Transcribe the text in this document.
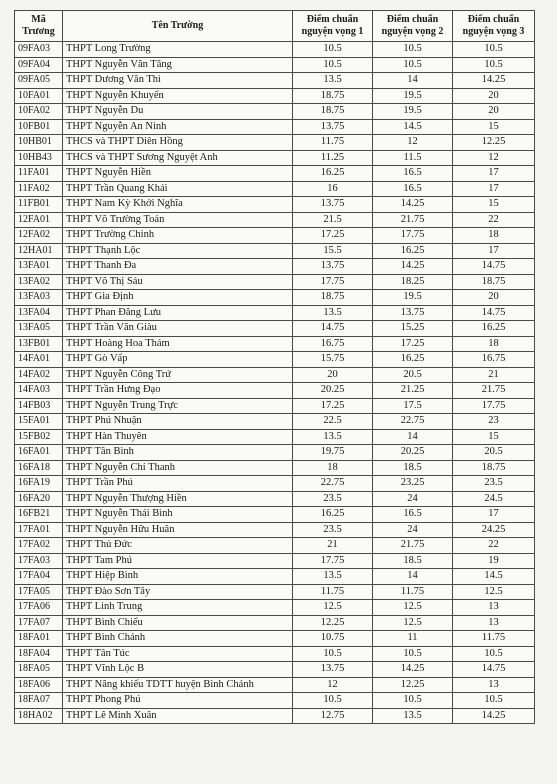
Mã Trương	Tên Trường	Điểm chuẩn nguyện vọng 1	Điểm chuẩn nguyện vọng 2	Điểm chuẩn nguyện vọng 3
09FA03	THPT Long Trường	10.5	10.5	10.5
09FA04	THPT Nguyễn Văn Tăng	10.5	10.5	10.5
09FA05	THPT Dương Văn Thì	13.5	14	14.25
10FA01	THPT Nguyễn Khuyến	18.75	19.5	20
10FA02	THPT Nguyễn Du	18.75	19.5	20
10FB01	THPT Nguyễn An Ninh	13.75	14.5	15
10HB01	THCS và THPT Diên Hồng	11.75	12	12.25
10HB43	THCS và THPT Sương Nguyệt Anh	11.25	11.5	12
11FA01	THPT Nguyễn Hiền	16.25	16.5	17
11FA02	THPT Trần Quang Khải	16	16.5	17
11FB01	THPT Nam Kỳ Khởi Nghĩa	13.75	14.25	15
12FA01	THPT Võ Trường Toản	21.5	21.75	22
12FA02	THPT Trường Chinh	17.25	17.75	18
12HA01	THPT Thạnh Lộc	15.5	16.25	17
13FA01	THPT Thanh Đa	13.75	14.25	14.75
13FA02	THPT Võ Thị Sáu	17.75	18.25	18.75
13FA03	THPT Gia Định	18.75	19.5	20
13FA04	THPT Phan Đăng Lưu	13.5	13.75	14.75
13FA05	THPT Trần Văn Giàu	14.75	15.25	16.25
13FB01	THPT Hoàng Hoa Thám	16.75	17.25	18
14FA01	THPT Gò Vấp	15.75	16.25	16.75
14FA02	THPT Nguyễn Công Trứ	20	20.5	21
14FA03	THPT Trần Hưng Đạo	20.25	21.25	21.75
14FB03	THPT Nguyễn Trung Trực	17.25	17.5	17.75
15FA01	THPT Phú Nhuận	22.5	22.75	23
15FB02	THPT Hàn Thuyên	13.5	14	15
16FA01	THPT Tân Bình	19.75	20.25	20.5
16FA18	THPT Nguyễn Chí Thanh	18	18.5	18.75
16FA19	THPT Trần Phú	22.75	23.25	23.5
16FA20	THPT Nguyễn Thượng Hiền	23.5	24	24.5
16FB21	THPT Nguyễn Thái Bình	16.25	16.5	17
17FA01	THPT Nguyễn Hữu Huân	23.5	24	24.25
17FA02	THPT Thủ Đức	21	21.75	22
17FA03	THPT Tam Phú	17.75	18.5	19
17FA04	THPT Hiệp Bình	13.5	14	14.5
17FA05	THPT Đào Sơn Tây	11.75	11.75	12.5
17FA06	THPT Linh Trung	12.5	12.5	13
17FA07	THPT Bình Chiểu	12.25	12.5	13
18FA01	THPT Bình Chánh	10.75	11	11.75
18FA04	THPT Tân Túc	10.5	10.5	10.5
18FA05	THPT Vĩnh Lộc B	13.75	14.25	14.75
18FA06	THPT Năng khiếu TDTT huyện Bình Chánh	12	12.25	13
18FA07	THPT Phong Phú	10.5	10.5	10.5
18HA02	THPT Lê Minh Xuân	12.75	13.5	14.25
